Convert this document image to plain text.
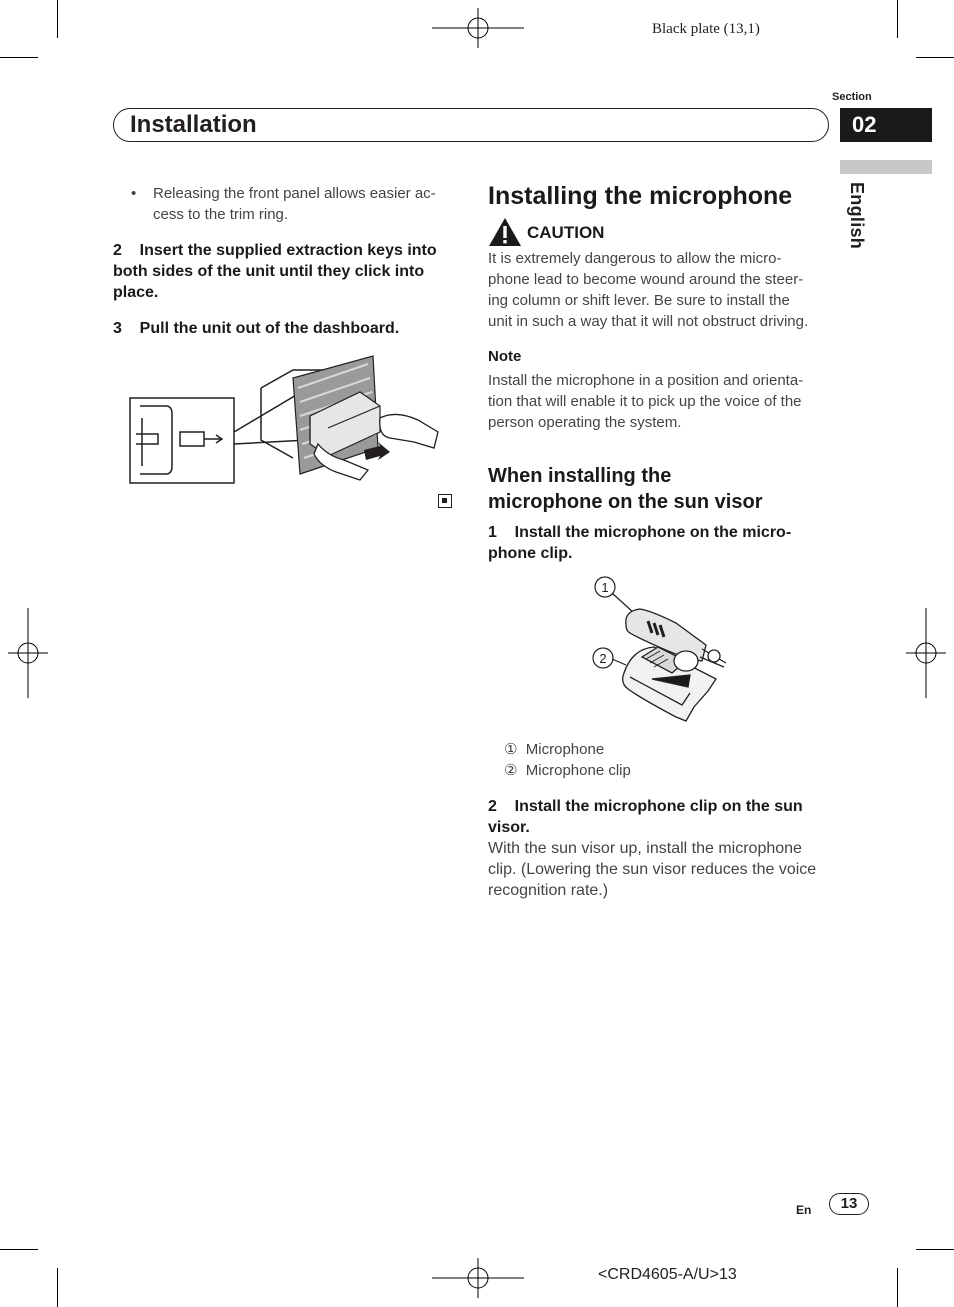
Black plate (13,1)
Section
02
English
Installation
• Releasing the front panel allows easier ac-
cess to the trim ring.
2    Insert the supplied extraction keys into
both sides of the unit until they click into
place.
3    Pull the unit out of the dashboard.
Installing the microphone
CAUTION
It is extremely dangerous to allow the micro-
phone lead to become wound around the steer-
ing column or shift lever. Be sure to install the
unit in such a way that it will not obstruct driving.
Note
Install the microphone in a position and orienta-
tion that will enable it to pick up the voice of the
person operating the system.
When installing the
microphone on the sun visor
1    Install the microphone on the micro-
phone clip.
1
2
① Microphone
② Microphone clip
2    Install the microphone clip on the sun
visor.
With the sun visor up, install the microphone
clip. (Lowering the sun visor reduces the voice
recognition rate.)
En	13
<CRD4605-A/U>13
